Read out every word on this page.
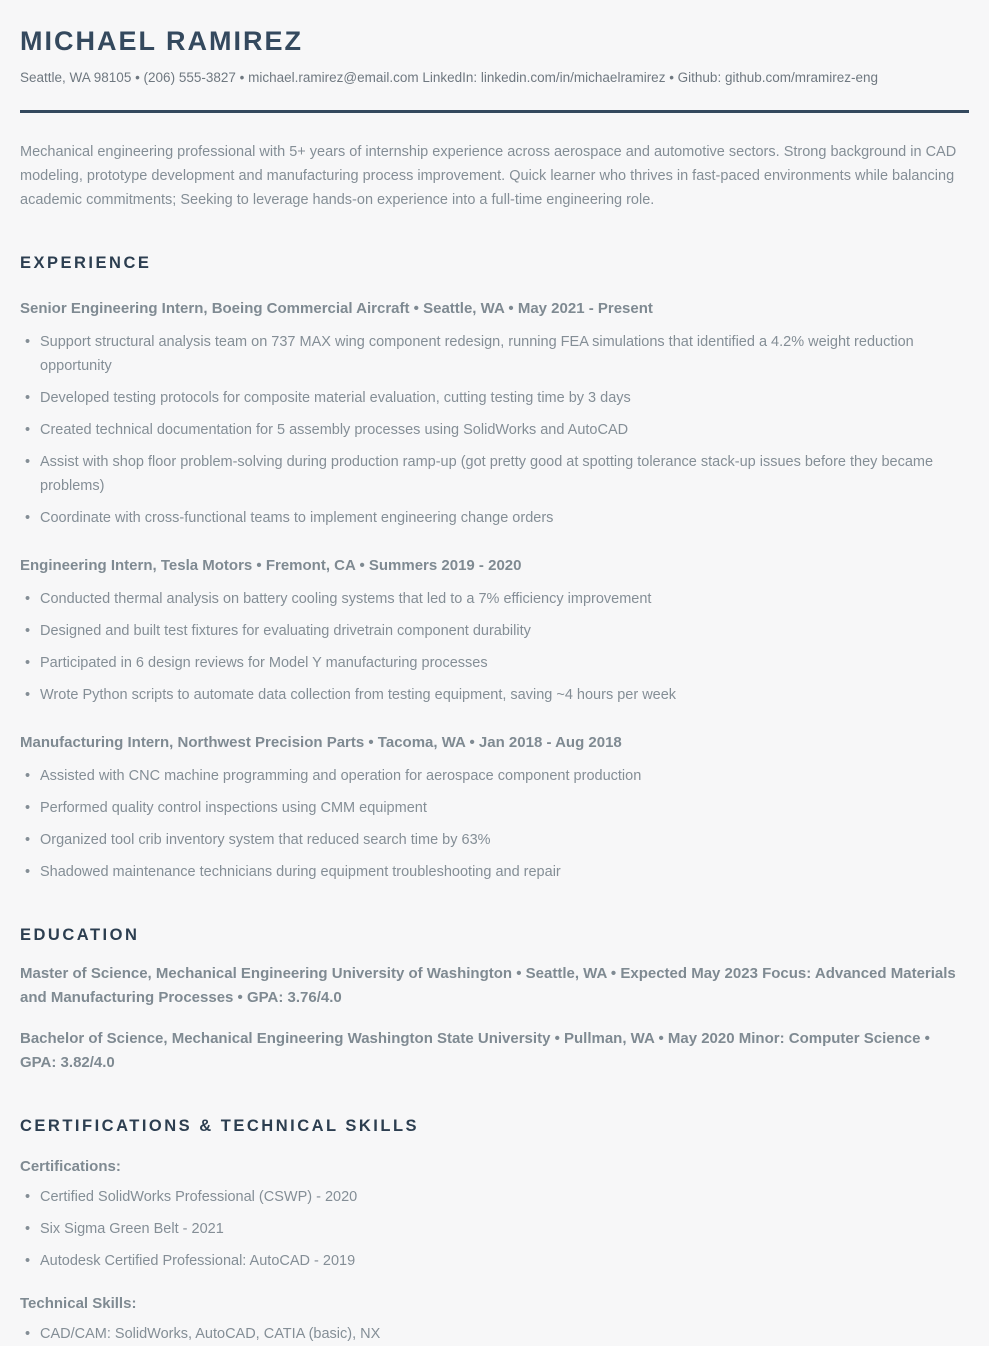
MICHAEL RAMIREZ
Seattle, WA 98105 • (206) 555-3827 • michael.ramirez@email.com LinkedIn: linkedin.com/in/michaelramirez • Github: github.com/mramirez-eng

Mechanical engineering professional with 5+ years of internship experience across aerospace and automotive sectors. Strong background in CAD modeling, prototype development and manufacturing process improvement. Quick learner who thrives in fast-paced environments while balancing academic commitments; Seeking to leverage hands-on experience into a full-time engineering role.

EXPERIENCE
Senior Engineering Intern, Boeing Commercial Aircraft • Seattle, WA • May 2021 - Present
• Support structural analysis team on 737 MAX wing component redesign, running FEA simulations that identified a 4.2% weight reduction opportunity
• Developed testing protocols for composite material evaluation, cutting testing time by 3 days
• Created technical documentation for 5 assembly processes using SolidWorks and AutoCAD
• Assist with shop floor problem-solving during production ramp-up (got pretty good at spotting tolerance stack-up issues before they became problems)
• Coordinate with cross-functional teams to implement engineering change orders
Engineering Intern, Tesla Motors • Fremont, CA • Summers 2019 - 2020
• Conducted thermal analysis on battery cooling systems that led to a 7% efficiency improvement
• Designed and built test fixtures for evaluating drivetrain component durability
• Participated in 6 design reviews for Model Y manufacturing processes
• Wrote Python scripts to automate data collection from testing equipment, saving ~4 hours per week
Manufacturing Intern, Northwest Precision Parts • Tacoma, WA • Jan 2018 - Aug 2018
• Assisted with CNC machine programming and operation for aerospace component production
• Performed quality control inspections using CMM equipment
• Organized tool crib inventory system that reduced search time by 63%
• Shadowed maintenance technicians during equipment troubleshooting and repair
EDUCATION

Master of Science, Mechanical Engineering University of Washington • Seattle, WA • Expected May 2023 Focus: Advanced Materials and Manufacturing Processes • GPA: 3.76/4.0

Bachelor of Science, Mechanical Engineering Washington State University • Pullman, WA • May 2020 Minor: Computer Science • GPA: 3.82/4.0

CERTIFICATIONS & TECHNICAL SKILLS
Certifications:
• Certified SolidWorks Professional (CSWP) - 2020
• Six Sigma Green Belt - 2021
• Autodesk Certified Professional: AutoCAD - 2019
Technical Skills:
• CAD/CAM: SolidWorks, AutoCAD, CATIA (basic), NX
